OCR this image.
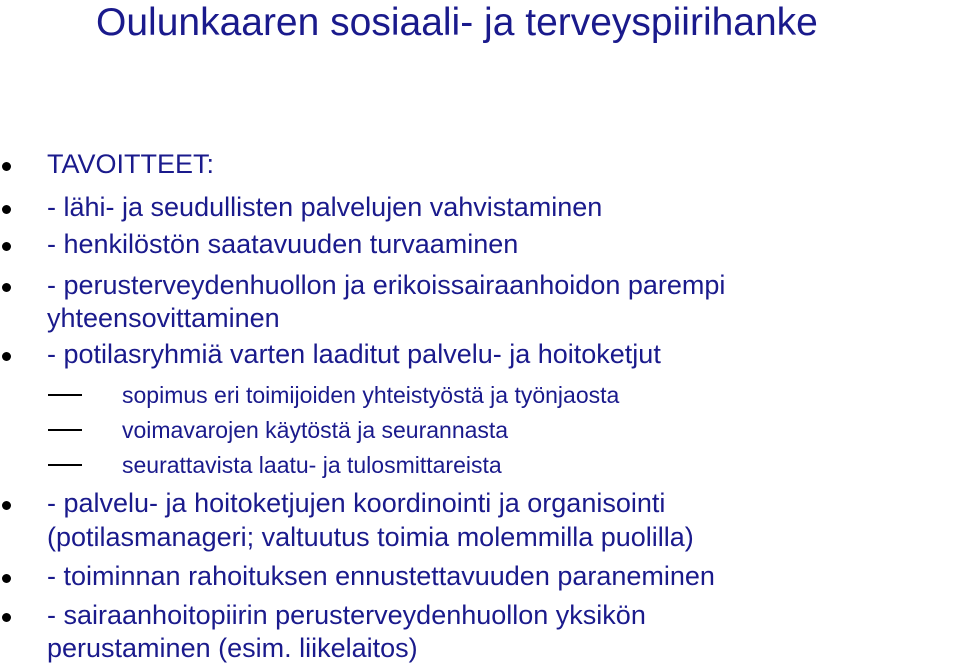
Oulunkaaren sosiaali- ja terveyspiirihanke
TAVOITTEET:
- lähi- ja seudullisten palvelujen vahvistaminen
- henkilöstön saatavuuden turvaaminen
- perusterveydenhuollon ja erikoissairaanhoidon parempi
yhteensovittaminen
- potilasryhmiä varten laaditut palvelu- ja hoitoketjut
sopimus eri toimijoiden yhteistyöstä ja työnjaosta
voimavarojen käytöstä ja seurannasta
seurattavista laatu- ja tulosmittareista
- palvelu- ja hoitoketjujen koordinointi ja organisointi
(potilasmanageri; valtuutus toimia molemmilla puolilla)
- toiminnan rahoituksen ennustettavuuden paraneminen
- sairaanhoitopiirin perusterveydenhuollon yksikön
perustaminen (esim. liikelaitos)
